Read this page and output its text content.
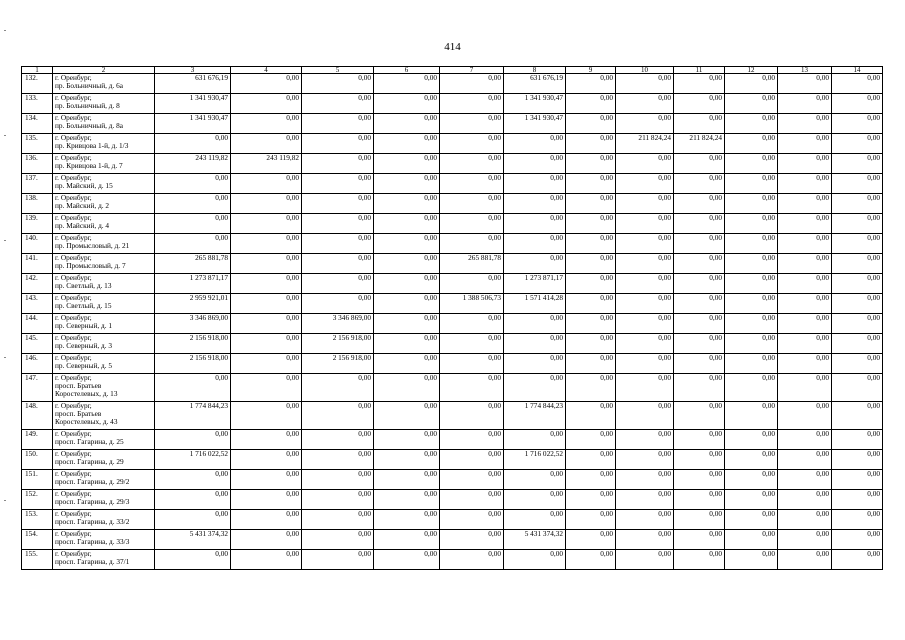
414
1	2	3	4	5	6	7	8	9	10	11	12	13	14
132.	г. Оренбург,
пр. Больничный, д. 6а	631 676,19	0,00	0,00	0,00	0,00	631 676,19	0,00	0,00	0,00	0,00	0,00	0,00
133.	г. Оренбург,
пр. Больничный, д. 8	1 341 930,47	0,00	0,00	0,00	0,00	1 341 930,47	0,00	0,00	0,00	0,00	0,00	0,00
134.	г. Оренбург,
пр. Больничный, д. 8а	1 341 930,47	0,00	0,00	0,00	0,00	1 341 930,47	0,00	0,00	0,00	0,00	0,00	0,00
135.	г. Оренбург,
пр. Кривцова 1-й, д. 1/3	0,00	0,00	0,00	0,00	0,00	0,00	0,00	211 824,24	211 824,24	0,00	0,00	0,00
136.	г. Оренбург,
пр. Кривцова 1-й, д. 7	243 119,82	243 119,82	0,00	0,00	0,00	0,00	0,00	0,00	0,00	0,00	0,00	0,00
137.	г. Оренбург,
пр. Майский, д. 15	0,00	0,00	0,00	0,00	0,00	0,00	0,00	0,00	0,00	0,00	0,00	0,00
138.	г. Оренбург,
пр. Майский, д. 2	0,00	0,00	0,00	0,00	0,00	0,00	0,00	0,00	0,00	0,00	0,00	0,00
139.	г. Оренбург,
пр. Майский, д. 4	0,00	0,00	0,00	0,00	0,00	0,00	0,00	0,00	0,00	0,00	0,00	0,00
140.	г. Оренбург,
пр. Промысловый, д. 21	0,00	0,00	0,00	0,00	0,00	0,00	0,00	0,00	0,00	0,00	0,00	0,00
141.	г. Оренбург,
пр. Промысловый, д. 7	265 881,78	0,00	0,00	0,00	265 881,78	0,00	0,00	0,00	0,00	0,00	0,00	0,00
142.	г. Оренбург,
пр. Светлый, д. 13	1 273 871,17	0,00	0,00	0,00	0,00	1 273 871,17	0,00	0,00	0,00	0,00	0,00	0,00
143.	г. Оренбург,
пр. Светлый, д. 15	2 959 921,01	0,00	0,00	0,00	1 388 506,73	1 571 414,28	0,00	0,00	0,00	0,00	0,00	0,00
144.	г. Оренбург,
пр. Северный, д. 1	3 346 869,00	0,00	3 346 869,00	0,00	0,00	0,00	0,00	0,00	0,00	0,00	0,00	0,00
145.	г. Оренбург,
пр. Северный, д. 3	2 156 918,00	0,00	2 156 918,00	0,00	0,00	0,00	0,00	0,00	0,00	0,00	0,00	0,00
146.	г. Оренбург,
пр. Северный, д. 5	2 156 918,00	0,00	2 156 918,00	0,00	0,00	0,00	0,00	0,00	0,00	0,00	0,00	0,00
147.	г. Оренбург,
просп. Братьев
Коростелевых, д. 13	0,00	0,00	0,00	0,00	0,00	0,00	0,00	0,00	0,00	0,00	0,00	0,00
148.	г. Оренбург,
просп. Братьев
Коростелевых, д. 43	1 774 844,23	0,00	0,00	0,00	0,00	1 774 844,23	0,00	0,00	0,00	0,00	0,00	0,00
149.	г. Оренбург,
просп. Гагарина, д. 25	0,00	0,00	0,00	0,00	0,00	0,00	0,00	0,00	0,00	0,00	0,00	0,00
150.	г. Оренбург,
просп. Гагарина, д. 29	1 716 022,52	0,00	0,00	0,00	0,00	1 716 022,52	0,00	0,00	0,00	0,00	0,00	0,00
151.	г. Оренбург,
просп. Гагарина, д. 29/2	0,00	0,00	0,00	0,00	0,00	0,00	0,00	0,00	0,00	0,00	0,00	0,00
152.	г. Оренбург,
просп. Гагарина, д. 29/3	0,00	0,00	0,00	0,00	0,00	0,00	0,00	0,00	0,00	0,00	0,00	0,00
153.	г. Оренбург,
просп. Гагарина, д. 33/2	0,00	0,00	0,00	0,00	0,00	0,00	0,00	0,00	0,00	0,00	0,00	0,00
154.	г. Оренбург,
просп. Гагарина, д. 33/3	5 431 374,32	0,00	0,00	0,00	0,00	5 431 374,32	0,00	0,00	0,00	0,00	0,00	0,00
155.	г. Оренбург,
просп. Гагарина, д. 37/1	0,00	0,00	0,00	0,00	0,00	0,00	0,00	0,00	0,00	0,00	0,00	0,00
